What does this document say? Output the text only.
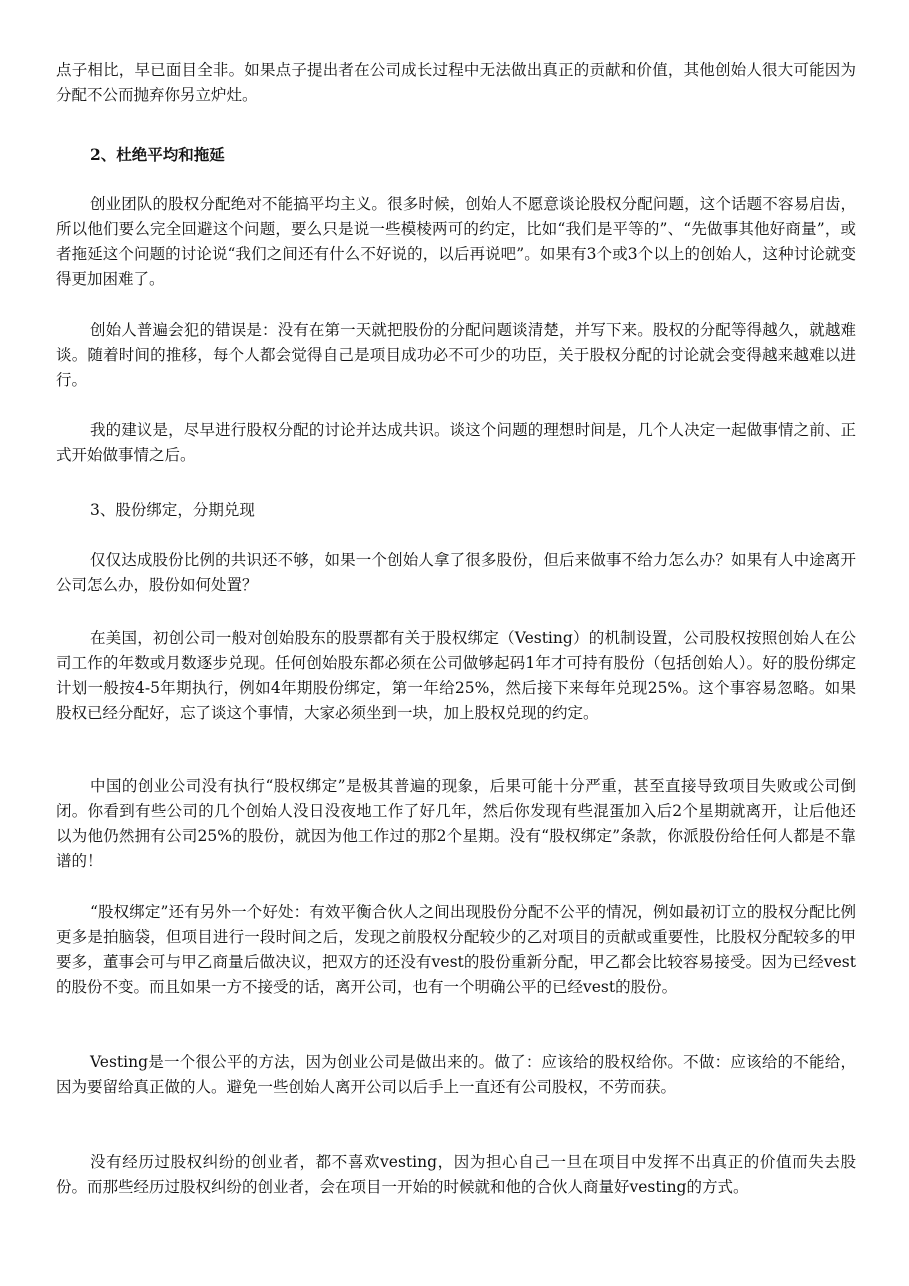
点子相比，早已面目全非。如果点子提出者在公司成长过程中无法做出真正的贡献和价值，其他创始人很大可能因为分配不公而抛弃你另立炉灶。

2、杜绝平均和拖延

创业团队的股权分配绝对不能搞平均主义。很多时候，创始人不愿意谈论股权分配问题，这个话题不容易启齿，所以他们要么完全回避这个问题，要么只是说一些模棱两可的约定，比如“我们是平等的”、“先做事其他好商量”，或者拖延这个问题的讨论说“我们之间还有什么不好说的，以后再说吧”。如果有3个或3个以上的创始人，这种讨论就变得更加困难了。

创始人普遍会犯的错误是：没有在第一天就把股份的分配问题谈清楚，并写下来。股权的分配等得越久，就越难谈。随着时间的推移，每个人都会觉得自己是项目成功必不可少的功臣，关于股权分配的讨论就会变得越来越难以进行。

我的建议是，尽早进行股权分配的讨论并达成共识。谈这个问题的理想时间是，几个人决定一起做事情之前、正式开始做事情之后。

3、股份绑定，分期兑现

仅仅达成股份比例的共识还不够，如果一个创始人拿了很多股份，但后来做事不给力怎么办？如果有人中途离开公司怎么办，股份如何处置？

在美国，初创公司一般对创始股东的股票都有关于股权绑定（Vesting）的机制设置，公司股权按照创始人在公司工作的年数或月数逐步兑现。任何创始股东都必须在公司做够起码1年才可持有股份（包括创始人）。好的股份绑定计划一般按4-5年期执行，例如4年期股份绑定，第一年给25%，然后接下来每年兑现25%。这个事容易忽略。如果股权已经分配好，忘了谈这个事情，大家必须坐到一块，加上股权兑现的约定。

中国的创业公司没有执行“股权绑定”是极其普遍的现象，后果可能十分严重，甚至直接导致项目失败或公司倒闭。你看到有些公司的几个创始人没日没夜地工作了好几年，然后你发现有些混蛋加入后2个星期就离开，让后他还以为他仍然拥有公司25%的股份，就因为他工作过的那2个星期。没有“股权绑定”条款，你派股份给任何人都是不靠谱的！

“股权绑定”还有另外一个好处：有效平衡合伙人之间出现股份分配不公平的情况，例如最初订立的股权分配比例更多是拍脑袋，但项目进行一段时间之后，发现之前股权分配较少的乙对项目的贡献或重要性，比股权分配较多的甲要多，董事会可与甲乙商量后做决议，把双方的还没有vest的股份重新分配，甲乙都会比较容易接受。因为已经vest的股份不变。而且如果一方不接受的话，离开公司，也有一个明确公平的已经vest的股份。

Vesting是一个很公平的方法，因为创业公司是做出来的。做了：应该给的股权给你。不做：应该给的不能给，因为要留给真正做的人。避免一些创始人离开公司以后手上一直还有公司股权，不劳而获。

没有经历过股权纠纷的创业者，都不喜欢vesting，因为担心自己一旦在项目中发挥不出真正的价值而失去股份。而那些经历过股权纠纷的创业者，会在项目一开始的时候就和他的合伙人商量好vesting的方式。
